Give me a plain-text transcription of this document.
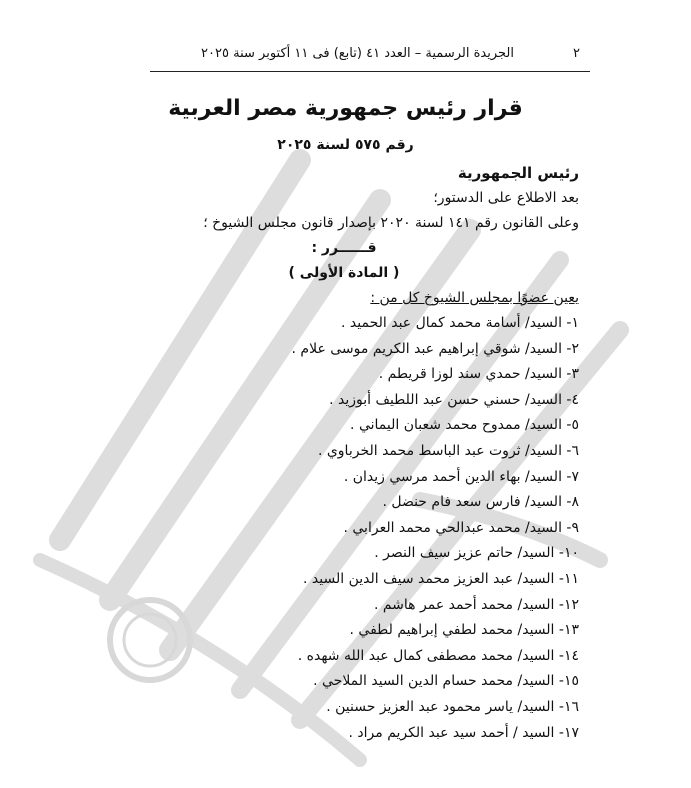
٢
الجريدة الرسمية – العدد ٤١ (تابع) فى ١١ أكتوبر سنة ٢٠٢٥
قرار رئيس جمهورية مصر العربية
رقم ٥٧٥ لسنة ٢٠٢٥
رئيس الجمهورية
بعد الاطلاع على الدستور؛
وعلى القانون رقم ١٤١ لسنة ٢٠٢٠ بإصدار قانون مجلس الشيوخ ؛
قــــــرر :
( المادة الأولى )
يعين عضوًا بمجلس الشيوخ كل من :
١- السيد/ أسامة محمد كمال عبد الحميد .
٢- السيد/ شوقي إبراهيم عبد الكريم موسى علام .
٣- السيد/ حمدي سند لوزا قريطم .
٤- السيد/ حسني حسن عبد اللطيف أبوزيد .
٥- السيد/ ممدوح محمد شعبان اليماني .
٦- السيد/ ثروت عبد الباسط محمد الخرباوي .
٧- السيد/ بهاء الدين أحمد مرسي زيدان .
٨- السيد/ فارس سعد فام حنضل .
٩- السيد/ محمد عبدالحي محمد العرابي .
١٠- السيد/ حاتم عزيز سيف النصر .
١١- السيد/ عبد العزيز محمد سيف الدين السيد .
١٢- السيد/ محمد أحمد عمر هاشم .
١٣- السيد/ محمد لطفي إبراهيم لطفي .
١٤- السيد/ محمد مصطفى كمال عبد الله شهده .
١٥- السيد/ محمد حسام الدين السيد الملاحي .
١٦- السيد/ ياسر محمود عبد العزيز حسنين .
١٧- السيد / أحمد سيد عبد الكريم مراد .
